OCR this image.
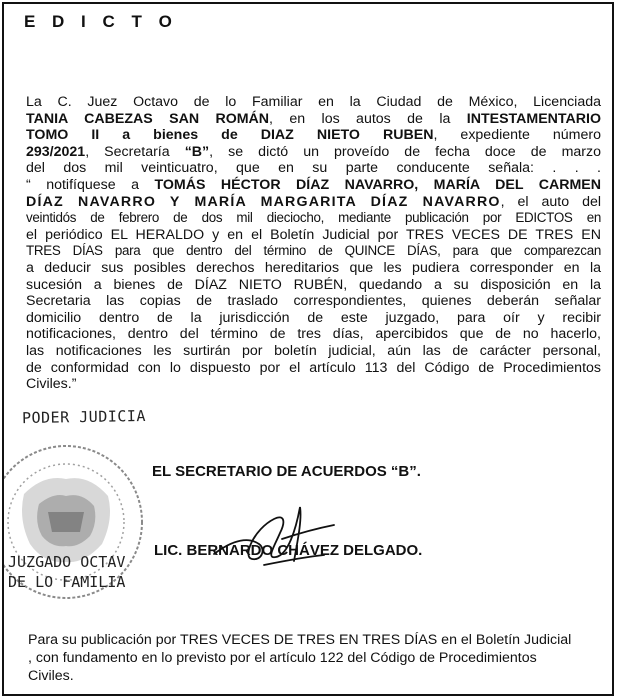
E D I C T O
La C. Juez Octavo de lo Familiar en la Ciudad de México, Licenciada
TANIA CABEZAS SAN ROMÁN, en los autos de la INTESTAMENTARIO
TOMO II a bienes de DIAZ NIETO RUBEN, expediente número
293/2021, Secretaría “B”, se dictó un proveído de fecha doce de marzo
del dos mil veinticuatro, que en su parte conducente señala: . . .
“ notifíquese a TOMÁS HÉCTOR DÍAZ NAVARRO, MARÍA DEL CARMEN
DÍAZ NAVARRO Y MARÍA MARGARITA DÍAZ NAVARRO, el auto del
veintidós de febrero de dos mil dieciocho, mediante publicación por EDICTOS en
el periódico EL HERALDO y en el Boletín Judicial por TRES VECES DE TRES EN
TRES DÍAS para que dentro del término de QUINCE DÍAS, para que comparezcan
a deducir sus posibles derechos hereditarios que les pudiera corresponder en la
sucesión a bienes de DÍAZ NIETO RUBÉN, quedando a su disposición en la
Secretaria las copias de traslado correspondientes, quienes deberán señalar
domicilio dentro de la jurisdicción de este juzgado, para oír y recibir
notificaciones, dentro del término de tres días, apercibidos que de no hacerlo,
las notificaciones les surtirán por boletín judicial, aún las de carácter personal,
de conformidad con lo dispuesto por el artículo 113 del Código de Procedimientos
Civiles.”
PODER JUDICIA
JUZGADO OCTAV
DE LO FAMILIA
EL SECRETARIO DE ACUERDOS “B”.
LIC. BERNARDO CHÁVEZ DELGADO.
Para su publicación por TRES VECES DE TRES EN TRES DÍAS en el Boletín Judicial
, con fundamento en lo previsto por el artículo 122 del Código de Procedimientos
Civiles.
